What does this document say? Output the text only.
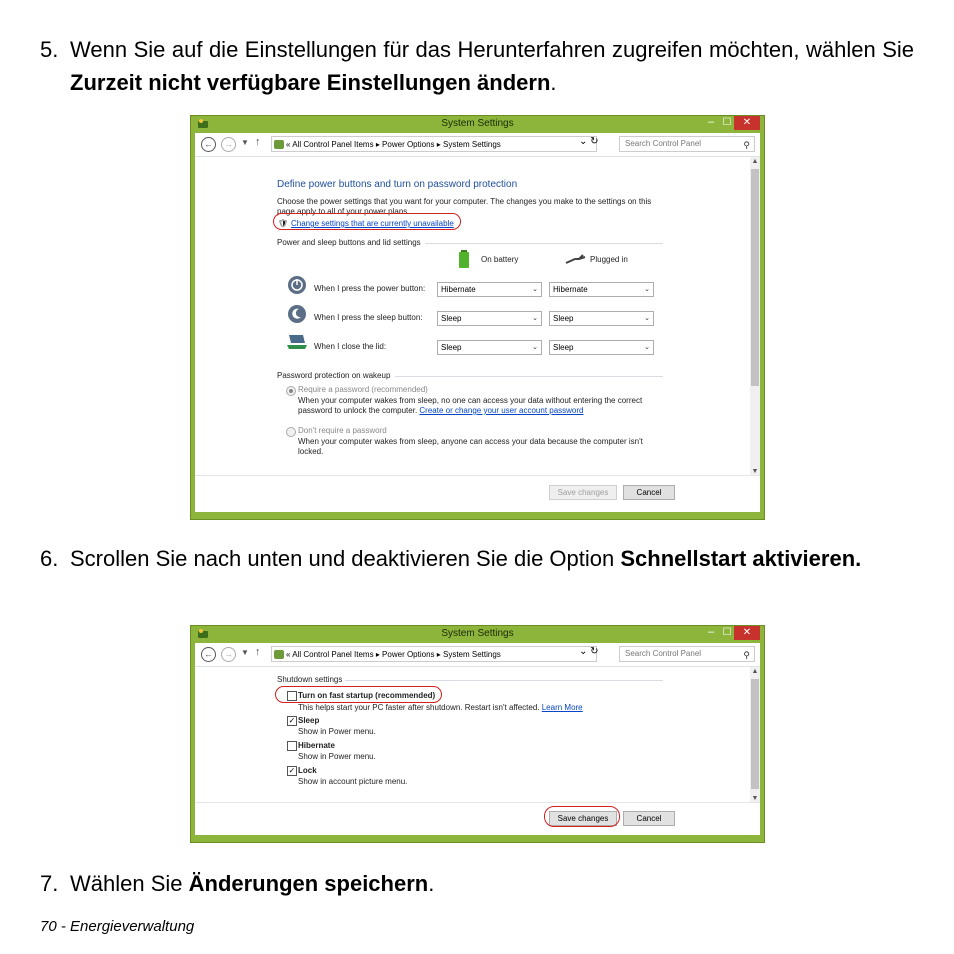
5. Wenn Sie auf die Einstellungen für das Herunterfahren zugreifen möchten, wählen Sie Zurzeit nicht verfügbare Einstellungen ändern.
System Settings	– ☐	✕
←	→	▼ ↑	« All Control Panel Items ▸ Power Options ▸ System Settings	⌄ ↻	Search Control Panel	⚲
▲
▼
Define power buttons and turn on password protection
Choose the power settings that you want for your computer. The changes you make to the settings on this
page apply to all of your power plans.
🛡 Change settings that are currently unavailable
Power and sleep buttons and lid settings
On battery	Plugged in
When I press the power button:	Hibernate	⌄	Hibernate	⌄
When I press the sleep button:	Sleep	⌄	Sleep	⌄
When I close the lid:	Sleep	⌄	Sleep	⌄
Password protection on wakeup
Require a password (recommended)
When your computer wakes from sleep, no one can access your data without entering the correct
password to unlock the computer. Create or change your user account password
Don't require a password
When your computer wakes from sleep, anyone can access your data because the computer isn't
locked.
Save changes	Cancel
6. Scrollen Sie nach unten und deaktivieren Sie die Option Schnellstart aktivieren.
System Settings	– ☐	✕
←	→	▼ ↑	« All Control Panel Items ▸ Power Options ▸ System Settings	⌄ ↻	Search Control Panel	⚲
▲
▼
Shutdown settings
Turn on fast startup (recommended)
This helps start your PC faster after shutdown. Restart isn't affected. Learn More
✓ Sleep
Show in Power menu.
Hibernate
Show in Power menu.
✓ Lock
Show in account picture menu.
Save changes	Cancel
7. Wählen Sie Änderungen speichern.
70 - Energieverwaltung
